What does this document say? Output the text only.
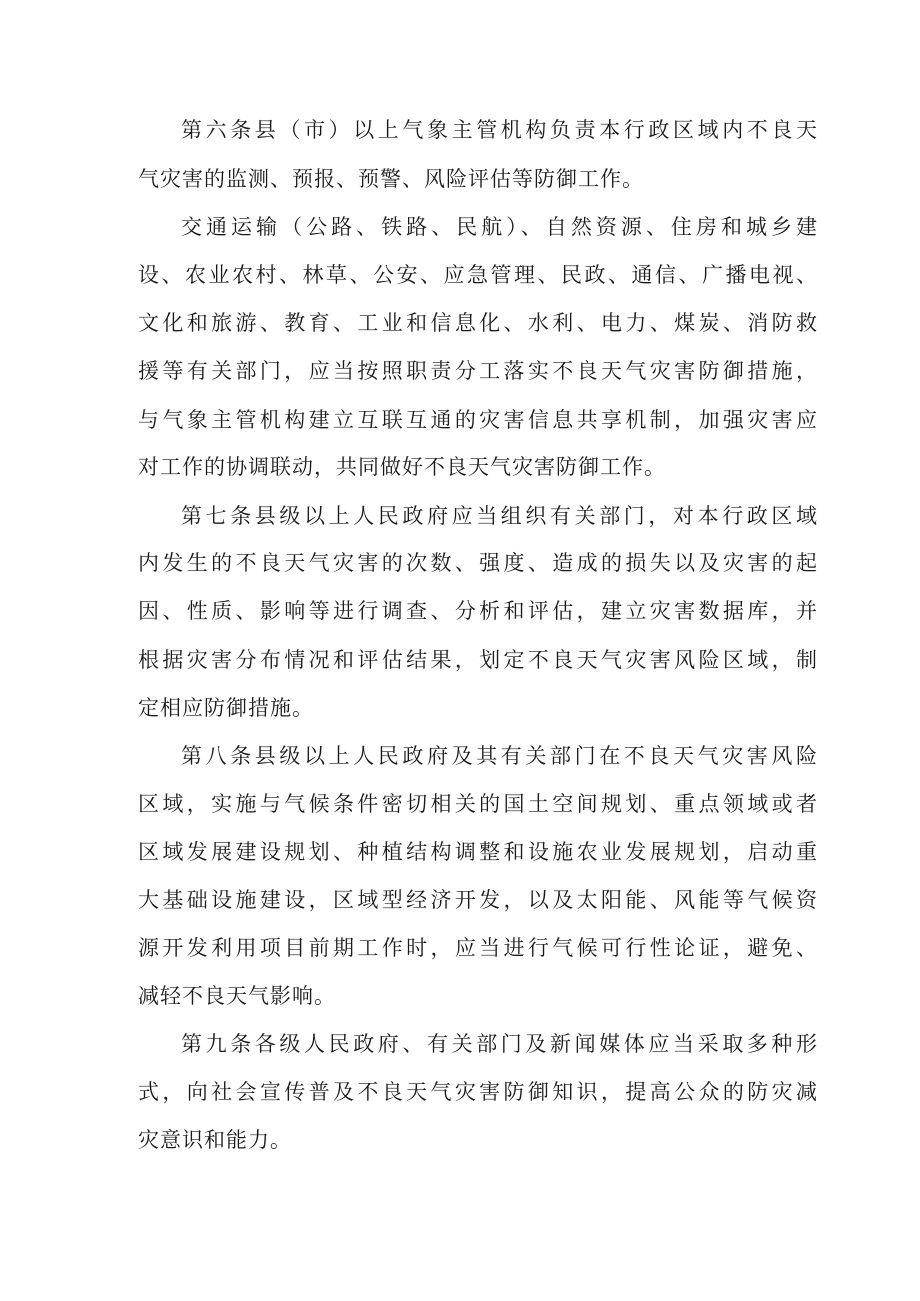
第六条县（市）以上气象主管机构负责本行政区域内不良天
气灾害的监测、预报、预警、风险评估等防御工作。
交通运输（公路、铁路、民航）、自然资源、住房和城乡建
设、农业农村、林草、公安、应急管理、民政、通信、广播电视、
文化和旅游、教育、工业和信息化、水利、电力、煤炭、消防救
援等有关部门，应当按照职责分工落实不良天气灾害防御措施，
与气象主管机构建立互联互通的灾害信息共享机制，加强灾害应
对工作的协调联动，共同做好不良天气灾害防御工作。
第七条县级以上人民政府应当组织有关部门，对本行政区域
内发生的不良天气灾害的次数、强度、造成的损失以及灾害的起
因、性质、影响等进行调查、分析和评估，建立灾害数据库，并
根据灾害分布情况和评估结果，划定不良天气灾害风险区域，制
定相应防御措施。
第八条县级以上人民政府及其有关部门在不良天气灾害风险
区域，实施与气候条件密切相关的国土空间规划、重点领域或者
区域发展建设规划、种植结构调整和设施农业发展规划，启动重
大基础设施建设，区域型经济开发，以及太阳能、风能等气候资
源开发利用项目前期工作时，应当进行气候可行性论证，避免、
减轻不良天气影响。
第九条各级人民政府、有关部门及新闻媒体应当采取多种形
式，向社会宣传普及不良天气灾害防御知识，提高公众的防灾减
灾意识和能力。
